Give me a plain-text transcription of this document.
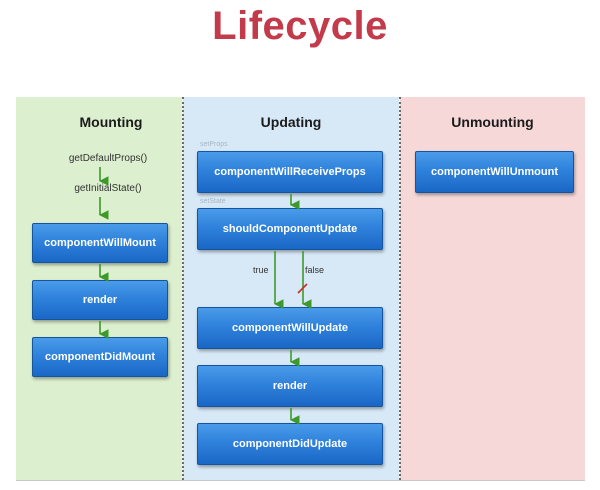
Lifecycle
Mounting
getDefaultProps()
getInitialState()
componentWillMount
render
componentDidMount
Updating
setProps
componentWillReceiveProps
setState
shouldComponentUpdate
true	false
componentWillUpdate
render
componentDidUpdate
Unmounting
componentWillUnmount
